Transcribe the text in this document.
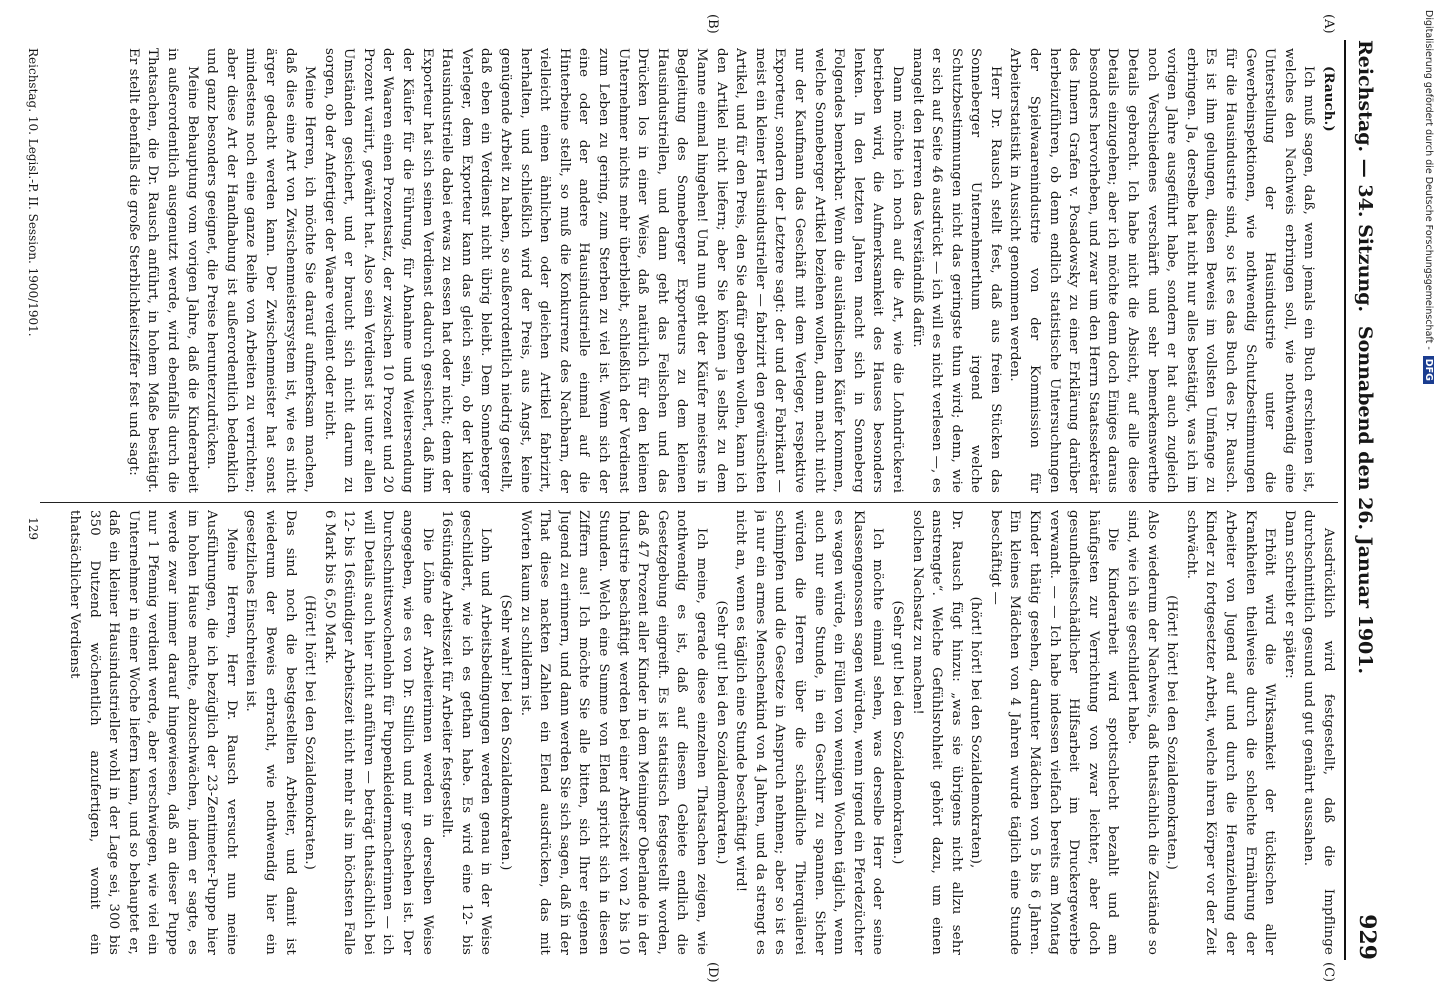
Reichstag. — 34. Sitzung.
Sonnabend den 26. Januar 1901.
929
(A)
(B)
(C)
(D)

(Rauch.)

Ich muß sagen, daß, wenn jemals ein Buch erschienen ist, welches den Nachweis erbringen soll, wie nothwendig eine Unterstellung der Hausindustrie unter die Gewerbeinspektionen, wie nothwendig Schutzbestimmungen für die Hausindustrie sind, so ist es das Buch des Dr. Rausch. Es ist ihm gelungen, diesen Beweis im vollsten Umfange zu erbringen. Ja, derselbe hat nicht nur alles bestätigt, was ich im vorigen Jahre ausgeführt habe, sondern er hat auch zugleich noch Verschiedenes verschärft und sehr bemerkenswerthe Details gebracht. Ich habe nicht die Absicht, auf alle diese Details einzugehen; aber ich möchte denn doch Einiges daraus besonders hervorheben, und zwar um den Herrn Staatssekretär des Innern Grafen v. Posadowsky zu einer Erklärung darüber herbeizuführen, ob denn endlich statistische Untersuchungen der Spielwaarenindustrie von der Kommission für Arbeiterstatistik in Aussicht genommen werden.

Herr Dr. Rausch stellt fest, daß aus freien Stücken das Sonneberger Unternehmerthum irgend welche Schutzbestimmungen nicht das geringste thun wird; denn, wie er sich auf Seite 46 ausdrückt — ich will es nicht verlesen —, es mangelt den Herren das Verständniß dafür.

Dann möchte ich noch auf die Art, wie die Lohndrückerei betrieben wird, die Aufmerksamkeit des Hauses besonders lenken. In den letzten Jahren macht sich in Sonneberg Folgendes bemerkbar. Wenn die ausländischen Käufer kommen, welche Sonneberger Artikel beziehen wollen, dann macht nicht nur der Kaufmann das Geschäft mit dem Verleger, respektive Exporteur, sondern der Letztere sagt: der und der Fabrikant — meist ein kleiner Hausindustrieller — fabrizirt den gewünschten Artikel, und für den Preis, den Sie dafür geben wollen, kann ich den Artikel nicht liefern; aber Sie können ja selbst zu dem Manne einmal hingehen! Und nun geht der Käufer meistens in Begleitung des Sonneberger Exporteurs zu dem kleinen Hausindustriellen, und dann geht das Feilschen und das Drücken los in einer Weise, daß natürlich für den kleinen Unternehmer nichts mehr überbleibt, schließlich der Verdienst zum Leben zu gering, zum Sterben zu viel ist. Wenn sich der eine oder der andere Hausindustrielle einmal auf die Hinterbeine stellt, so muß die Konkurrenz des Nachbarn, der vielleicht einen ähnlichen oder gleichen Artikel fabrizirt, herhalten, und schließlich wird der Preis, aus Angst, keine genügende Arbeit zu haben, so außerordentlich niedrig gestellt, daß eben ein Verdienst nicht übrig bleibt. Dem Sonneberger Verleger, dem Exporteur kann das gleich sein, ob der kleine Hausindustrielle dabei etwas zu essen hat oder nicht; denn der Exporteur hat sich seinen Verdienst dadurch gesichert, daß ihm der Käufer für die Führung, für Abnahme und Weitersendung der Waaren einen Prozentsatz, der zwischen 10 Prozent und 20 Prozent variirt, gewährt hat. Also sein Verdienst ist unter allen Umständen gesichert, und er braucht sich nicht darum zu sorgen, ob der Anfertiger der Waare verdient oder nicht.

Meine Herren, ich möchte Sie darauf aufmerksam machen, daß dies eine Art von Zwischenmeistersystem ist, wie es nicht ärger gedacht werden kann. Der Zwischenmeister hat sonst mindestens noch eine ganze Reihe von Arbeiten zu verrichten; aber diese Art der Handhabung ist außerordentlich bedenklich und ganz besonders geeignet, die Preise herunterzudrücken.

Meine Behauptung vom vorigen Jahre, daß die Kinderarbeit in außerordentlich ausgenutzt werde, wird ebenfalls durch die Thatsachen, die Dr. Rausch anführt, in hohem Maße bestätigt. Er stellt ebenfalls die große Sterblichkeitsziffer fest und sagt:

Ausdrücklich wird festgestellt, daß die Impflinge durchschnittlich gesund und gut genährt aussahen.

Dann schreibt er später:

Erhöht wird die Wirksamkeit der tückischen aller Krankheiten theilweise durch die schlechte Ernährung der Arbeiter von Jugend auf und durch die Heranziehung der Kinder zu fortgesetzter Arbeit, welche ihren Körper vor der Zeit schwächt.

(Hört! hört! bei den Sozialdemokraten.)

Also wiederum der Nachweis, daß thatsächlich die Zustände so sind, wie ich sie geschildert habe.

Die Kinderarbeit wird spottschlecht bezahlt und am häufigsten zur Verrichtung von zwar leichter, aber doch gesundheitsschädlicher Hilfsarbeit im Druckergewerbe verwandt. — — Ich habe indessen vielfach bereits am Montag Kinder thätig gesehen, darunter Mädchen von 5 bis 6 Jahren. Ein kleines Mädchen von 4 Jahren wurde täglich eine Stunde beschäftigt —

(hört! hört! bei den Sozialdemokraten),

Dr. Rausch fügt hinzu: „was sie übrigens nicht allzu sehr anstrengte“. Welche Gefühlsrohheit gehört dazu, um einen solchen Nachsatz zu machen!

(Sehr gut! bei den Sozialdemokraten.)

Ich möchte einmal sehen, was derselbe Herr oder seine Klassengenossen sagen würden, wenn irgend ein Pferdezüchter es wagen würde, ein Füllen von wenigen Wochen täglich, wenn auch nur eine Stunde, in ein Geschirr zu spannen. Sicher würden die Herren über die schändliche Thierquälerei schimpfen und die Gesetze in Anspruch nehmen; aber so ist es ja nur ein armes Menschenkind von 4 Jahren, und da strengt es nicht an, wenn es täglich eine Stunde beschäftigt wird!

(Sehr gut! bei den Sozialdemokraten.)

Ich meine, gerade diese einzelnen Thatsachen zeigen, wie nothwendig es ist, daß auf diesem Gebiete endlich die Gesetzgebung eingreift. Es ist statistisch festgestellt worden, daß 47 Prozent aller Kinder in dem Meininger Oberlande in der Industrie beschäftigt werden bei einer Arbeitszeit von 2 bis 10 Stunden. Welch eine Summe von Elend spricht sich in diesen Ziffern aus! Ich möchte Sie alle bitten, sich Ihrer eigenen Jugend zu erinnern, und dann werden Sie sich sagen, daß in der That diese nackten Zahlen ein Elend ausdrücken, das mit Worten kaum zu schildern ist.

(Sehr wahr! bei den Sozialdemokraten.)

Lohn und Arbeitsbedingungen werden genau in der Weise geschildert, wie ich es gethan habe. Es wird eine 12- bis 16stündige Arbeitszeit für Arbeiter festgestellt.

Die Löhne der Arbeiterinnen werden in derselben Weise angegeben, wie es von Dr. Stillich und mir geschehen ist. Der Durchschnittswochenlohn für Puppenkleidermacherinnen — ich will Details auch hier nicht anführen — beträgt thatsächlich bei 12- bis 16stündiger Arbeitszeit nicht mehr als im höchsten Falle 6 Mark bis 6,50 Mark.

(Hört! hört! bei den Sozialdemokraten.)

Das sind noch die bestgestellten Arbeiter, und damit ist wiederum der Beweis erbracht, wie nothwendig hier ein gesetzliches Einschreiten ist.

Meine Herren, Herr Dr. Rausch versucht nun meine Ausführungen, die ich bezüglich der 23-Zentimeter-Puppe hier im hohen Hause machte, abzuschwächen, indem er sagte, es werde zwar immer darauf hingewiesen, daß an dieser Puppe nur 1 Pfennig verdient werde, aber verschwiegen, wie viel ein Unternehmer in einer Woche liefern kann, und so behauptet er, daß ein kleiner Hausindustrieller wohl in der Lage sei, 300 bis 350 Dutzend wöchentlich anzufertigen, womit ein thatsächlicher Verdienst

Reichstag. 10. Legisl.-P. II. Session. 1900/1901.
129
Digitalisierung gefördert durch die Deutsche Forschungsgemeinschaft -DFG
